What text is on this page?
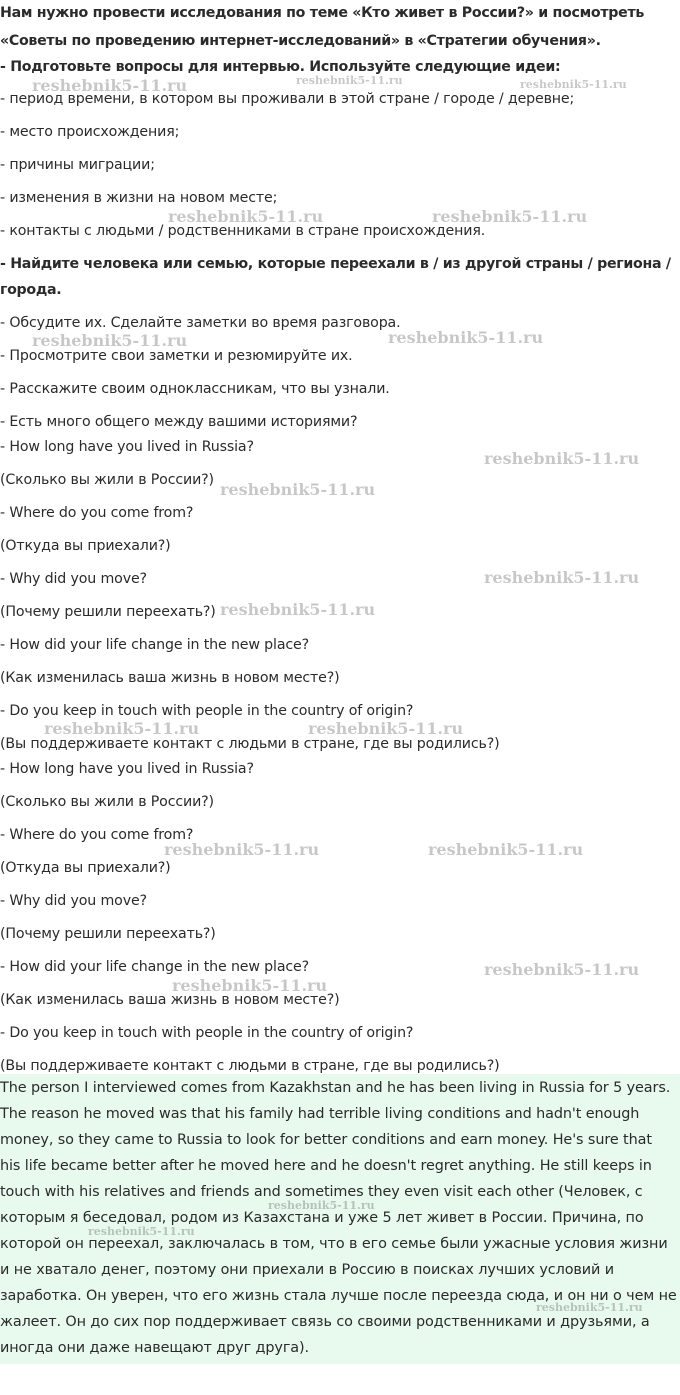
Нам нужно провести исследования по теме «Кто живет в России?» и посмотреть
«Советы по проведению интернет-исследований» в «Стратегии обучения».
- Подготовьте вопросы для интервью. Используйте следующие идеи:
- период времени, в котором вы проживали в этой стране / городе / деревне;
- место происхождения;
- причины миграции;
- изменения в жизни на новом месте;
- контакты с людьми / родственниками в стране происхождения.
- Найдите человека или семью, которые переехали в / из другой страны / региона /
города.
- Обсудите их. Сделайте заметки во время разговора.
- Просмотрите свои заметки и резюмируйте их.
- Расскажите своим одноклассникам, что вы узнали.
- Есть много общего между вашими историями?
- How long have you lived in Russia?
(Сколько вы жили в России?)
- Where do you come from?
(Откуда вы приехали?)
- Why did you move?
(Почему решили переехать?)
- How did your life change in the new place?
(Как изменилась ваша жизнь в новом месте?)
- Do you keep in touch with people in the country of origin?
(Вы поддерживаете контакт с людьми в стране, где вы родились?)
- How long have you lived in Russia?
(Сколько вы жили в России?)
- Where do you come from?
(Откуда вы приехали?)
- Why did you move?
(Почему решили переехать?)
- How did your life change in the new place?
(Как изменилась ваша жизнь в новом месте?)
- Do you keep in touch with people in the country of origin?
(Вы поддерживаете контакт с людьми в стране, где вы родились?)
The person I interviewed comes from Kazakhstan and he has been living in Russia for 5 years.
The reason he moved was that his family had terrible living conditions and hadn't enough
money, so they came to Russia to look for better conditions and earn money. He's sure that
his life became better after he moved here and he doesn't regret anything. He still keeps in
touch with his relatives and friends and sometimes they even visit each other (Человек, с
которым я беседовал, родом из Казахстана и уже 5 лет живет в России. Причина, по
которой он переехал, заключалась в том, что в его семье были ужасные условия жизни
и не хватало денег, поэтому они приехали в Россию в поисках лучших условий и
заработка. Он уверен, что его жизнь стала лучше после переезда сюда, и он ни о чем не
жалеет. Он до сих пор поддерживает связь со своими родственниками и друзьями, а
иногда они даже навещают друг друга).
reshebnik5-11.ru	reshebnik5-11.ru	reshebnik5-11.ru
reshebnik5-11.ru	reshebnik5-11.ru
reshebnik5-11.ru	reshebnik5-11.ru
reshebnik5-11.ru
reshebnik5-11.ru
reshebnik5-11.ru
reshebnik5-11.ru
reshebnik5-11.ru	reshebnik5-11.ru
reshebnik5-11.ru	reshebnik5-11.ru
reshebnik5-11.ru
reshebnik5-11.ru
reshebnik5-11.ru
reshebnik5-11.ru
reshebnik5-11.ru
